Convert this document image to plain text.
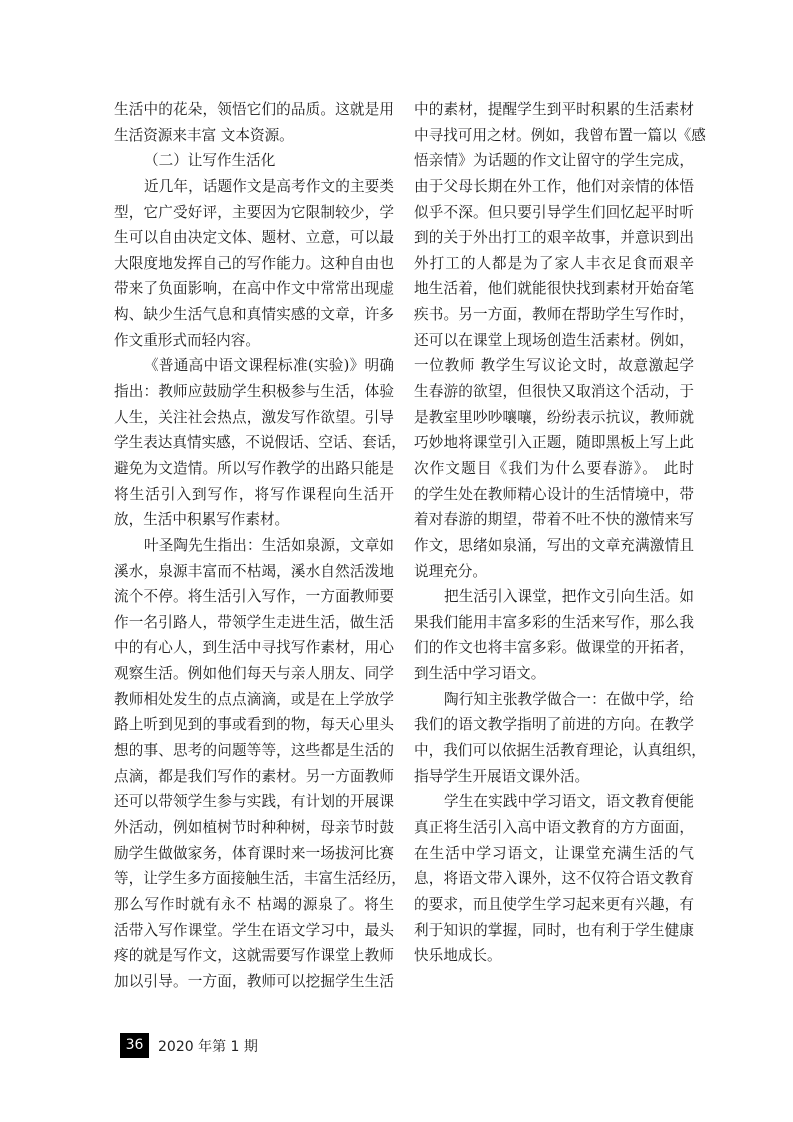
生活中的花朵，领悟它们的品质。这就是用
生活资源来丰富 文本资源。
（二）让写作生活化
近几年，话题作文是高考作文的主要类
型，它广受好评，主要因为它限制较少，学
生可以自由决定文体、题材、立意，可以最
大限度地发挥自己的写作能力。这种自由也
带来了负面影响，在高中作文中常常出现虚
构、缺少生活气息和真情实感的文章，许多
作文重形式而轻内容。
《普通高中语文课程标准(实验)》明确
指出：教师应鼓励学生积极参与生活，体验
人生，关注社会热点，激发写作欲望。引导
学生表达真情实感，不说假话、空话、套话，
避免为文造情。所以写作教学的出路只能是
将生活引入到写作，将写作课程向生活开
放，生活中积累写作素材。
叶圣陶先生指出：生活如泉源，文章如
溪水，泉源丰富而不枯竭，溪水自然活泼地
流个不停。将生活引入写作，一方面教师要
作一名引路人，带领学生走进生活，做生活
中的有心人，到生活中寻找写作素材，用心
观察生活。例如他们每天与亲人朋友、同学
教师相处发生的点点滴滴，或是在上学放学
路上听到见到的事或看到的物，每天心里头
想的事、思考的问题等等，这些都是生活的
点滴，都是我们写作的素材。另一方面教师
还可以带领学生参与实践，有计划的开展课
外活动，例如植树节时种种树，母亲节时鼓
励学生做做家务，体育课时来一场拔河比赛
等，让学生多方面接触生活，丰富生活经历，
那么写作时就有永不 枯竭的源泉了。将生
活带入写作课堂。学生在语文学习中，最头
疼的就是写作文，这就需要写作课堂上教师
加以引导。一方面，教师可以挖掘学生生活
中的素材，提醒学生到平时积累的生活素材
中寻找可用之材。例如，我曾布置一篇以《感
悟亲情》为话题的作文让留守的学生完成，
由于父母长期在外工作，他们对亲情的体悟
似乎不深。但只要引导学生们回忆起平时听
到的关于外出打工的艰辛故事，并意识到出
外打工的人都是为了家人丰衣足食而艰辛
地生活着，他们就能很快找到素材开始奋笔
疾书。另一方面，教师在帮助学生写作时，
还可以在课堂上现场创造生活素材。例如，
一位教师 教学生写议论文时，故意激起学
生春游的欲望，但很快又取消这个活动，于
是教室里吵吵嚷嚷，纷纷表示抗议，教师就
巧妙地将课堂引入正题，随即黑板上写上此
次作文题目《我们为什么要春游》。 此时
的学生处在教师精心设计的生活情境中，带
着对春游的期望，带着不吐不快的激情来写
作文，思绪如泉涌，写出的文章充满激情且
说理充分。
把生活引入课堂，把作文引向生活。如
果我们能用丰富多彩的生活来写作，那么我
们的作文也将丰富多彩。做课堂的开拓者，
到生活中学习语文。
陶行知主张教学做合一：在做中学，给
我们的语文教学指明了前进的方向。在教学
中，我们可以依据生活教育理论，认真组织，
指导学生开展语文课外活。
学生在实践中学习语文，语文教育便能
真正将生活引入高中语文教育的方方面面，
在生活中学习语文，让课堂充满生活的气
息，将语文带入课外，这不仅符合语文教育
的要求，而且使学生学习起来更有兴趣，有
利于知识的掌握，同时，也有利于学生健康
快乐地成长。
36	2020 年第 1 期
